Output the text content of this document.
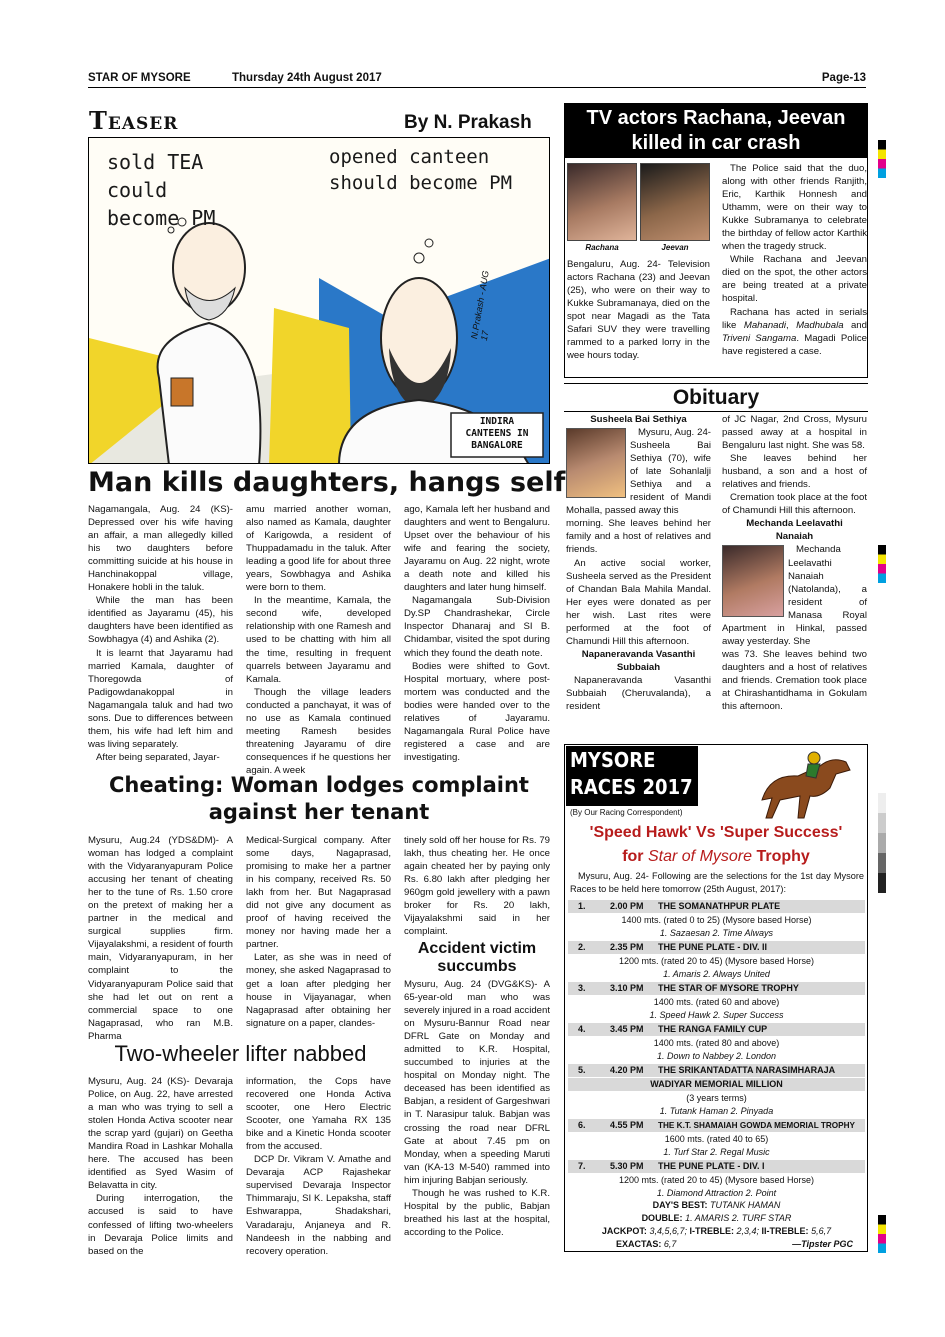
STAR OF MYSORE	Thursday 24th August 2017	Page-13
Teaser	By N. Prakash
sold TEA could become PM
opened canteen should become PM
INDIRA CANTEENS IN BANGALORE
N.Prakash - AUG 17
Man kills daughters, hangs self

Nagamangala, Aug. 24 (KS)- Depressed over his wife having an affair, a man allegedly killed his two daughters before committing suicide at his house in Hanchinakoppal village, Honakere hobli in the taluk.

While the man has been identified as Jayaramu (45), his daughters have been identified as Sowbhagya (4) and Ashika (2).

It is learnt that Jayaramu had married Kamala, daughter of Thoregowda of Padigowdanakoppal in Nagamangala taluk and had two sons. Due to differences between them, his wife had left him and was living separately.

After being separated, Jayar-

amu married another woman, also named as Kamala, daughter of Karigowda, a resident of Thuppadamadu in the taluk. After leading a good life for about three years, Sowbhagya and Ashika were born to them.

In the meantime, Kamala, the second wife, developed relationship with one Ramesh and used to be chatting with him all the time, resulting in frequent quarrels between Jayaramu and Kamala.

Though the village leaders conducted a panchayat, it was of no use as Kamala continued meeting Ramesh besides threatening Jayaramu of dire consequences if he questions her again. A week

ago, Kamala left her husband and daughters and went to Bengaluru. Upset over the behaviour of his wife and fearing the society, Jayaramu on Aug. 22 night, wrote a death note and killed his daughters and later hung himself.

Nagamangala Sub-Division Dy.SP Chandrashekar, Circle Inspector Dhanaraj and SI B. Chidambar, visited the spot during which they found the death note.

Bodies were shifted to Govt. Hospital mortuary, where post-mortem was conducted and the bodies were handed over to the relatives of Jayaramu. Nagamangala Rural Police have registered a case and are investigating.

Cheating: Woman lodges complaint against her tenant

Mysuru, Aug.24 (YDS&DM)- A woman has lodged a complaint with the Vidyaranyapuram Police accusing her tenant of cheating her to the tune of Rs. 1.50 crore on the pretext of making her a partner in the medical and surgical supplies firm. Vijayalakshmi, a resident of fourth main, Vidyaranyapuram, in her complaint to the Vidyaranyapuram Police said that she had let out on rent a commercial space to one Nagaprasad, who ran M.B. Pharma

Medical-Surgical company. After some days, Nagaprasad, promising to make her a partner in his company, received Rs. 50 lakh from her. But Nagaprasad did not give any document as proof of having received the money nor having made her a partner.

Later, as she was in need of money, she asked Nagaprasad to get a loan after pledging her house in Vijayanagar, when Nagaprasad after obtaining her signature on a paper, clandes-

tinely sold off her house for Rs. 79 lakh, thus cheating her. He once again cheated her by paying only Rs. 6.80 lakh after pledging her 960gm gold jewellery with a pawn broker for Rs. 20 lakh, Vijayalakshmi said in her complaint.

Accident victim succumbs

Mysuru, Aug. 24 (DVG&KS)- A 65-year-old man who was severely injured in a road accident on Mysuru-Bannur Road near DFRL Gate on Monday and admitted to K.R. Hospital, succumbed to injuries at the hospital on Monday night. The deceased has been identified as Babjan, a resident of Gargeshwari in T. Narasipur taluk. Babjan was crossing the road near DFRL Gate at about 7.45 pm on Monday, when a speeding Maruti van (KA-13 M-540) rammed into him injuring Babjan seriously.

Though he was rushed to K.R. Hospital by the public, Babjan breathed his last at the hospital, according to the Police.

Two-wheeler lifter nabbed

Mysuru, Aug. 24 (KS)- Devaraja Police, on Aug. 22, have arrested a man who was trying to sell a stolen Honda Activa scooter near the scrap yard (gujari) on Geetha Mandira Road in Lashkar Mohalla here. The accused has been identified as Syed Wasim of Belavatta in city.

During interrogation, the accused is said to have confessed of lifting two-wheelers in Devaraja Police limits and based on the

information, the Cops have recovered one Honda Activa scooter, one Hero Electric Scooter, one Yamaha RX 135 bike and a Kinetic Honda scooter from the accused.

DCP Dr. Vikram V. Amathe and Devaraja ACP Rajashekar supervised Devaraja Inspector Thimmaraju, SI K. Lepaksha, staff Eshwarappa, Shadakshari, Varadaraju, Anjaneya and R. Nandeesh in the nabbing and recovery operation.

TV actors Rachana, Jeevan
killed in car crash
Rachana	Jeevan

Bengaluru, Aug. 24- Television actors Rachana (23) and Jeevan (25), who were on their way to Kukke Subramanaya, died on the spot near Magadi as the Tata Safari SUV they were travelling rammed to a parked lorry in the wee hours today.

The Police said that the duo, along with other friends Ranjith, Eric, Karthik Honnesh and Uthamm, were on their way to Kukke Subramanya to celebrate the birthday of fellow actor Karthik when the tragedy struck.

While Rachana and Jeevan died on the spot, the other actors are being treated at a private hospital.

Rachana has acted in serials like Mahanadi, Madhubala and Triveni Sangama. Magadi Police have registered a case.

Obituary
Susheela Bai Sethiya

Mysuru, Aug. 24- Susheela Bai Sethiya (70), wife of late Sohanlalji Sethiya and a resident of Mandi Mohalla, passed away this

morning. She leaves behind her family and a host of relatives and friends.

An active social worker, Susheela served as the President of Chandan Bala Mahila Mandal. Her eyes were donated as per her wish. Last rites were performed at the foot of Chamundi Hill this afternoon.

Napaneravanda Vasanthi
Subbaiah

Napaneravanda Vasanthi Subbaiah (Cheruvalanda), a resident

of JC Nagar, 2nd Cross, Mysuru passed away at a hospital in Bengaluru last night. She was 58.

She leaves behind her husband, a son and a host of relatives and friends.

Cremation took place at the foot of Chamundi Hill this afternoon.

Mechanda Leelavathi
Nanaiah

Mechanda Leelavathi Nanaiah (Natolanda), a resident of Manasa Royal Apartment in Hinkal, passed away yesterday. She

was 73. She leaves behind two daughters and a host of relatives and friends. Cremation took place at Chirashantidhama in Gokulam this afternoon.

MYSORE
RACES 2017
(By Our Racing Correspondent)
'Speed Hawk' Vs 'Super Success'
for Star of Mysore Trophy

Mysuru, Aug. 24- Following are the selections for the 1st day Mysore Races to be held here tomorrow (25th August, 2017):

1.	2.00 PM THE SOMANATHPUR PLATE
1400 mts. (rated 0 to 25) (Mysore based Horse)
1. Sazaesan 2. Time Always
2.	2.35 PM THE PUNE PLATE - DIV. II
1200 mts. (rated 20 to 45) (Mysore based Horse)
1. Amaris 2. Always United
3.	3.10 PM THE STAR OF MYSORE TROPHY
1400 mts. (rated 60 and above)
1. Speed Hawk 2. Super Success
4.	3.45 PM THE RANGA FAMILY CUP
1400 mts. (rated 80 and above)
1. Down to Nabbey 2. London
5.	4.20 PM THE SRIKANTADATTA NARASIMHARAJA
WADIYAR MEMORIAL MILLION
(3 years terms)
1. Tutank Haman 2. Pinyada
6.	4.55 PM THE K.T. SHAMAIAH GOWDA MEMORIAL TROPHY
1600 mts. (rated 40 to 65)
1. Turf Star 2. Regal Music
7.	5.30 PM THE PUNE PLATE - DIV. I
1200 mts. (rated 20 to 45) (Mysore based Horse)
1. Diamond Attraction 2. Point
DAY'S BEST: TUTANK HAMAN
DOUBLE: 1. AMARIS 2. TURF STAR
JACKPOT: 3,4,5,6,7; I-TREBLE: 2,3,4; II-TREBLE: 5,6,7
EXACTAS: 6,7	—Tipster PGC
